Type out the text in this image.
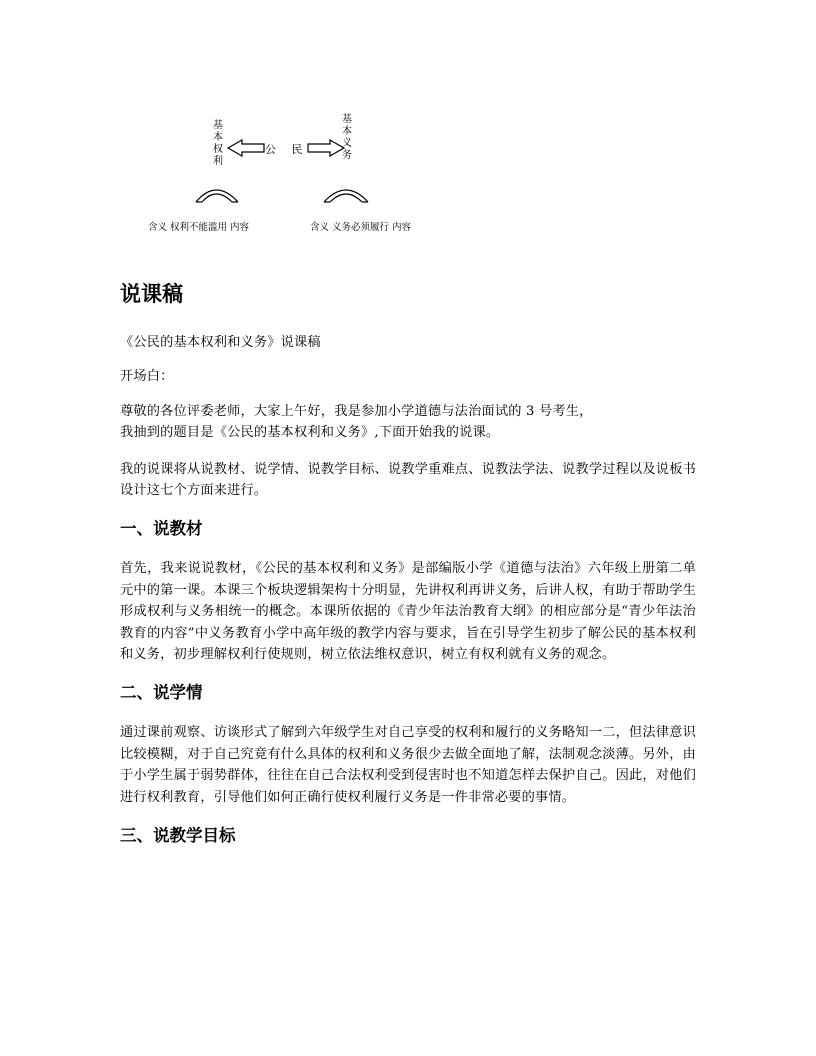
基
本
权
利
基
本
义
务
公 民
含义 权利不能滥用 内容	含义 义务必须履行 内容
说课稿

《公民的基本权利和义务》说课稿

开场白：

尊敬的各位评委老师，大家上午好，我是参加小学道德与法治面试的 3 号考生，
我抽到的题目是《公民的基本权利和义务》,下面开始我的说课。

我的说课将从说教材、说学情、说教学目标、说教学重难点、说教法学法、说教学过程以及说板书设计这七个方面来进行。

一、说教材

首先，我来说说教材，《公民的基本权利和义务》是部编版小学《道德与法治》六年级上册第二单元中的第一课。本课三个板块逻辑架构十分明显，先讲权利再讲义务，后讲人权，有助于帮助学生形成权利与义务相统一的概念。本课所依据的《青少年法治教育大纲》的相应部分是“青少年法治教育的内容”中义务教育小学中高年级的教学内容与要求，旨在引导学生初步了解公民的基本权利和义务，初步理解权利行使规则，树立依法维权意识，树立有权利就有义务的观念。

二、说学情

通过课前观察、访谈形式了解到六年级学生对自己享受的权利和履行的义务略知一二，但法律意识比较模糊，对于自己究竟有什么具体的权利和义务很少去做全面地了解，法制观念淡薄。另外，由于小学生属于弱势群体，往往在自己合法权利受到侵害时也不知道怎样去保护自己。因此，对他们进行权利教育，引导他们如何正确行使权利履行义务是一件非常必要的事情。

三、说教学目标
